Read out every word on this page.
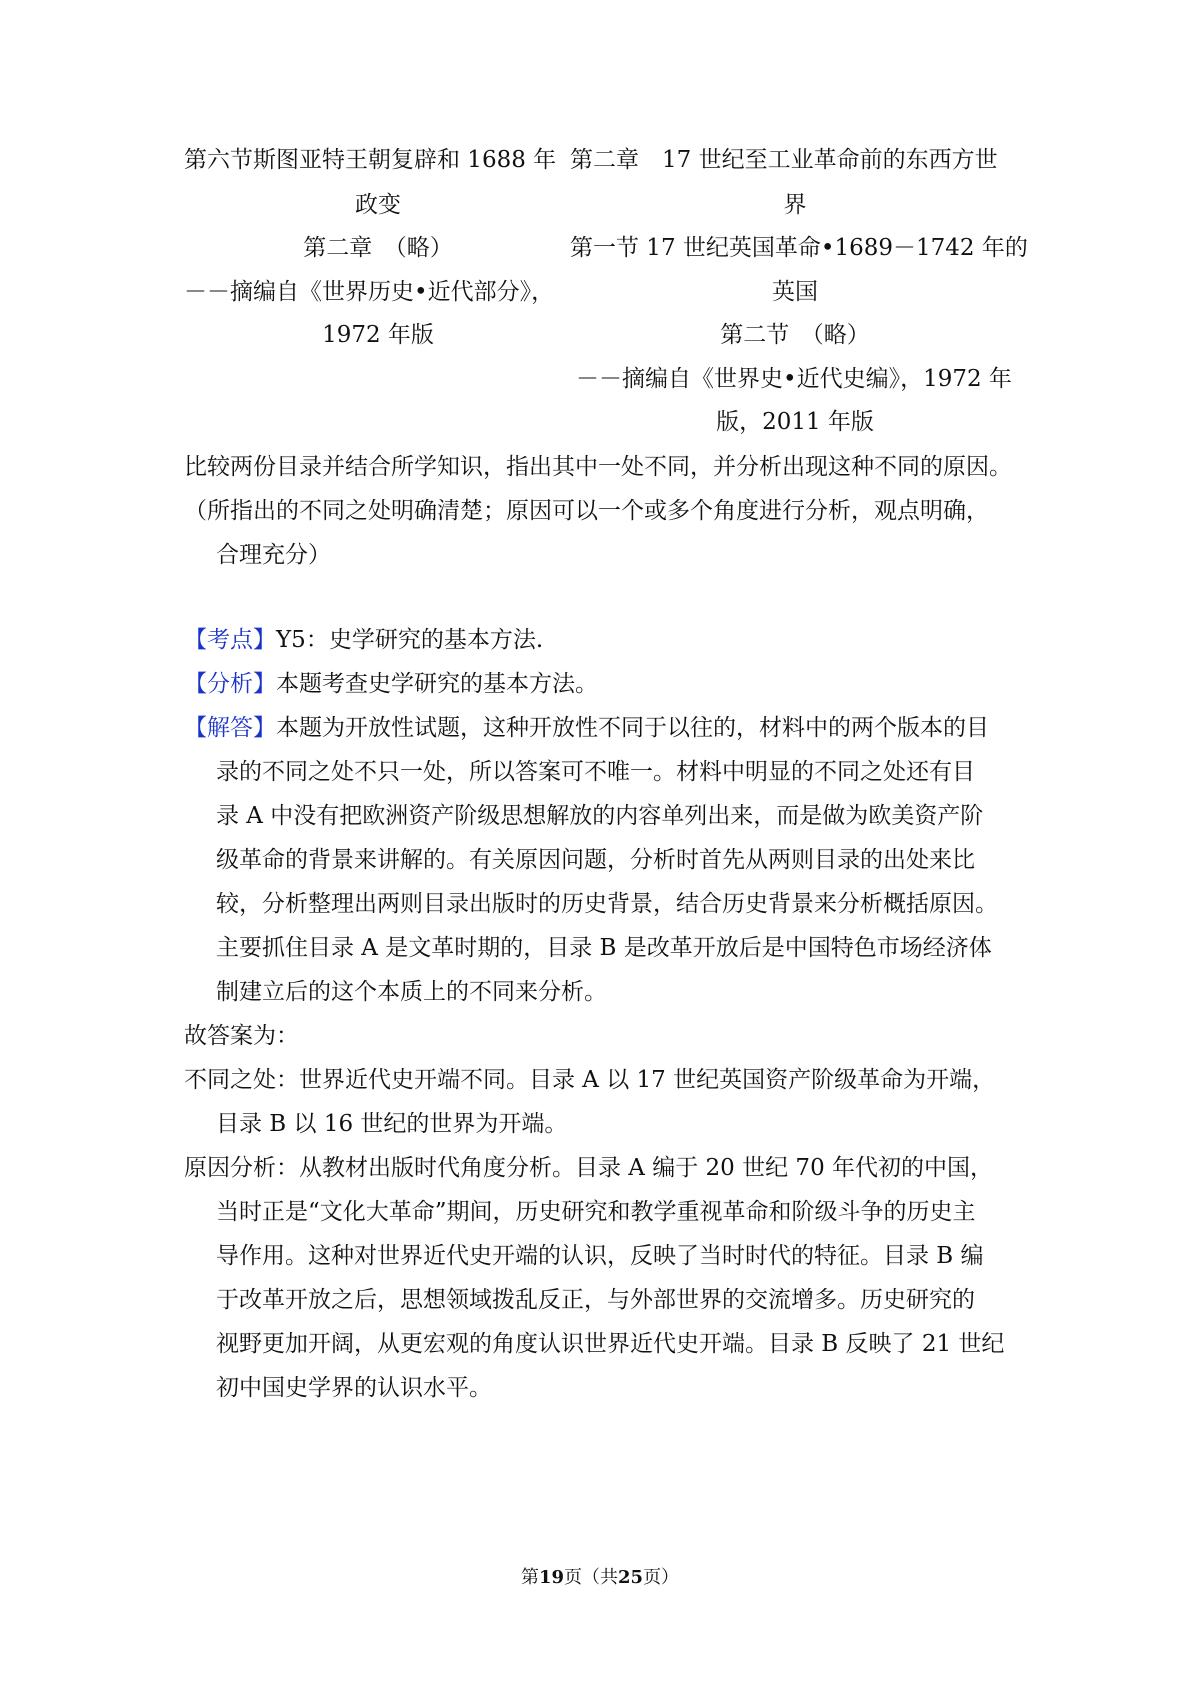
第六节斯图亚特王朝复辟和 1688 年
政变
第二章　（略）
－－摘编自《世界历史•近代部分》，
1972 年版
第二章　17 世纪至工业革命前的东西方世
界
第一节 17 世纪英国革命•1689－1742 年的
英国
第二节　（略）
－－摘编自《世界史•近代史编》，1972 年
版，2011 年版
比较两份目录并结合所学知识，指出其中一处不同，并分析出现这种不同的原因。
（所指出的不同之处明确清楚；原因可以一个或多个角度进行分析，观点明确，
合理充分）
【考点】Y5：史学研究的基本方法.
【分析】本题考查史学研究的基本方法。
【解答】本题为开放性试题，这种开放性不同于以往的，材料中的两个版本的目
录的不同之处不只一处，所以答案可不唯一。材料中明显的不同之处还有目
录 A 中没有把欧洲资产阶级思想解放的内容单列出来，而是做为欧美资产阶
级革命的背景来讲解的。有关原因问题，分析时首先从两则目录的出处来比
较，分析整理出两则目录出版时的历史背景，结合历史背景来分析概括原因。
主要抓住目录 A 是文革时期的，目录 B 是改革开放后是中国特色市场经济体
制建立后的这个本质上的不同来分析。
故答案为：
不同之处：世界近代史开端不同。目录 A 以 17 世纪英国资产阶级革命为开端，
目录 B 以 16 世纪的世界为开端。
原因分析：从教材出版时代角度分析。目录 A 编于 20 世纪 70 年代初的中国，
当时正是“文化大革命”期间，历史研究和教学重视革命和阶级斗争的历史主
导作用。这种对世界近代史开端的认识，反映了当时时代的特征。目录 B 编
于改革开放之后，思想领域拨乱反正，与外部世界的交流增多。历史研究的
视野更加开阔，从更宏观的角度认识世界近代史开端。目录 B 反映了 21 世纪
初中国史学界的认识水平。
第19页（共25页）
